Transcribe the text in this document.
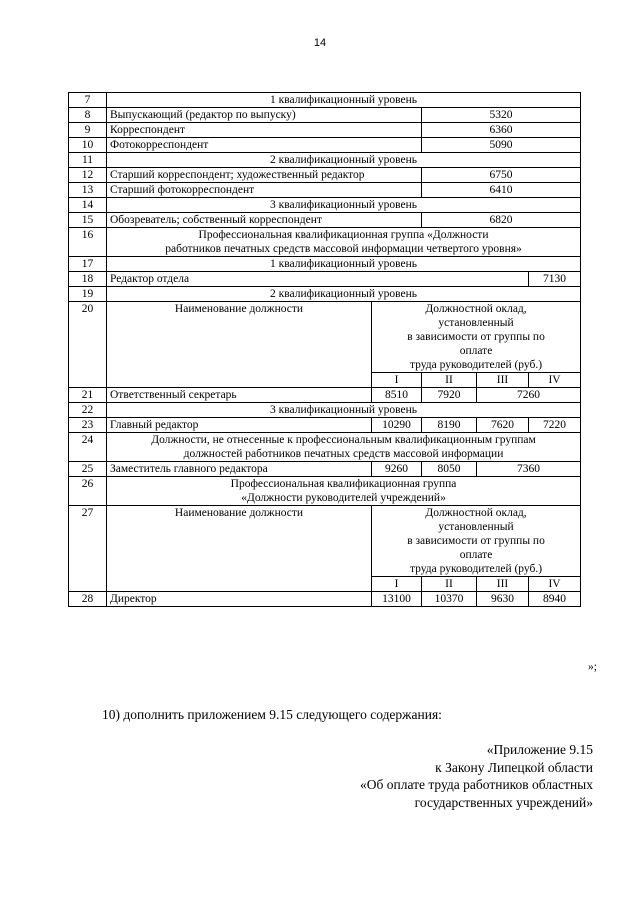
14
7	1 квалификационный уровень				
8	Выпускающий (редактор по выпуску)		5320		
9	Корреспондент		6360		
10	Фотокорреспондент		5090		
11	2 квалификационный уровень				
12	Старший корреспондент; художественный редактор		6750		
13	Старший фотокорреспондент		6410		
14	3 квалификационный уровень				
15	Обозреватель; собственный корреспондент		6820		
16	Профессиональная квалификационная группа «Должности
работников печатных средств массовой информации четвертого уровня»				

17	1 квалификационный уровень				
18	Редактор отдела				7130
19	2 квалификационный уровень				
20	Наименование должности	Должностной оклад,
установленный
в зависимости от группы по
оплате
труда руководителей (руб.)			

		I	II	III	IV
21	Ответственный секретарь	8510	7920	7260	
22	3 квалификационный уровень				
23	Главный редактор	10290	8190	7620	7220
24	Должности, не отнесенные к профессиональным квалификационным группам
должностей работников печатных средств массовой информации				

25	Заместитель главного редактора	9260	8050	7360	
26	Профессиональная квалификационная группа
«Должности руководителей учреждений»				

27	Наименование должности	Должностной оклад,
установленный
в зависимости от группы по
оплате
труда руководителей (руб.)			

		I	II	III	IV
28	Директор	13100	10370	9630	8940
»;
10) дополнить приложением 9.15 следующего содержания:
«Приложение 9.15
к Закону Липецкой области
«Об оплате труда работников областных
государственных учреждений»
